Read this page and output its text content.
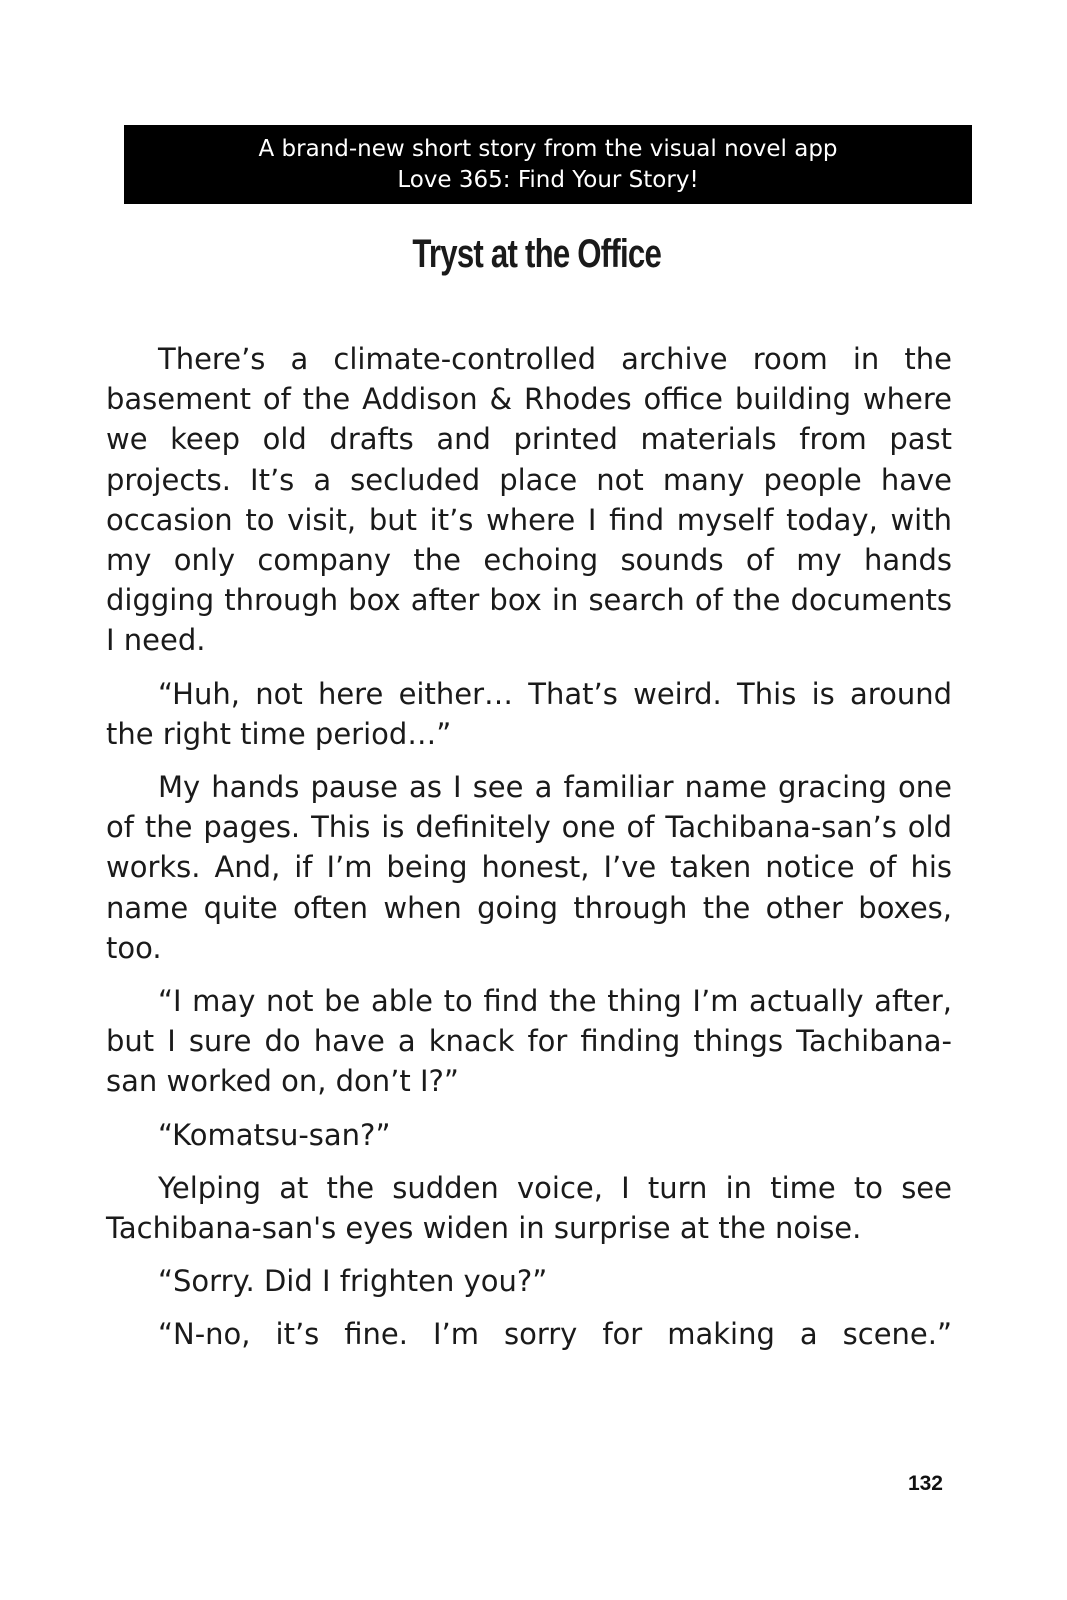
A brand-new short story from the visual novel app
Love 365: Find Your Story!
Tryst at the Office

There’s a climate-controlled archive room in the basement of the Addison & Rhodes office building where we keep old drafts and printed materials from past projects. It’s a secluded place not many people have occasion to visit, but it’s where I find myself today, with my only company the echoing sounds of my hands digging through box after box in search of the documents I need.

“Huh, not here either… That’s weird. This is around the right time period…”

My hands pause as I see a familiar name gracing one of the pages. This is definitely one of Tachibana-san’s old works. And, if I’m being honest, I’ve taken notice of his name quite often when going through the other boxes, too.

“I may not be able to find the thing I’m actually after, but I sure do have a knack for finding things Tachibana-san worked on, don’t I?”

“Komatsu-san?”

Yelping at the sudden voice, I turn in time to see Tachibana-san's eyes widen in surprise at the noise.

“Sorry. Did I frighten you?”

“N-no, it’s fine. I’m sorry for making a scene.”

132
